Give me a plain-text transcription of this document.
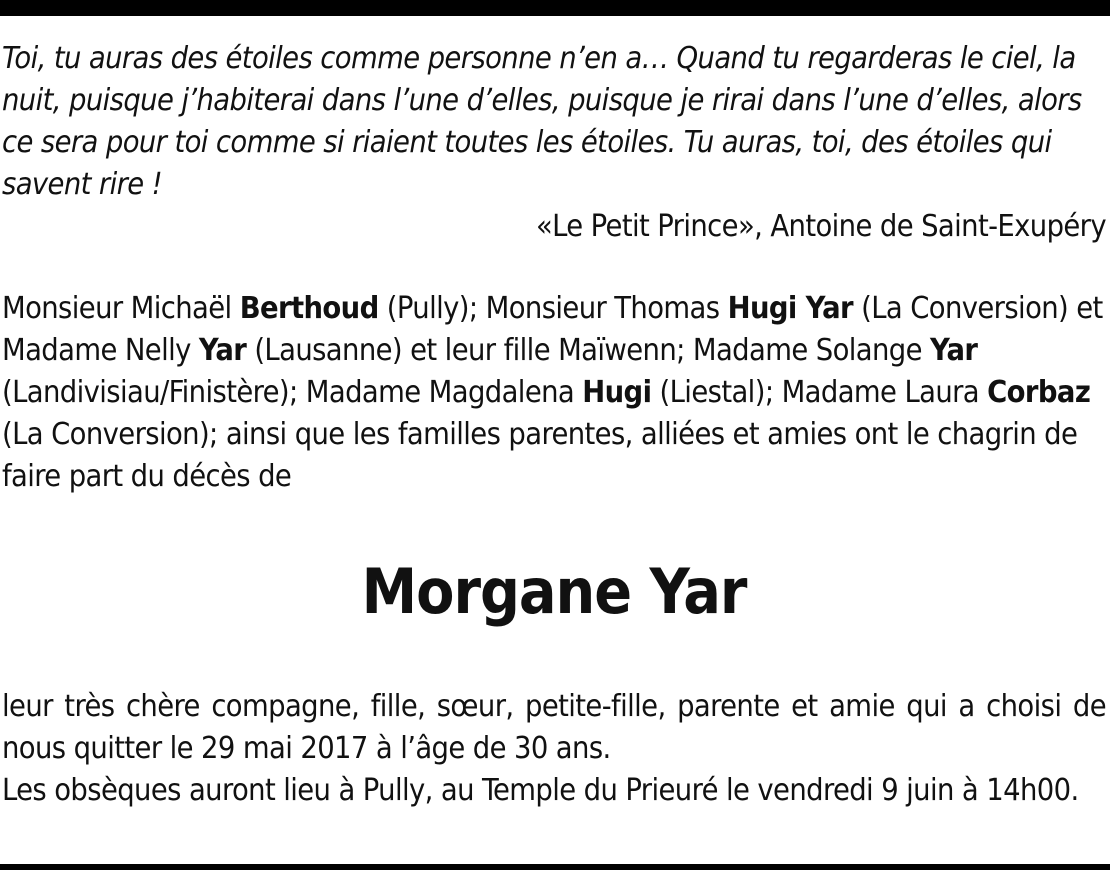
Toi, tu auras des étoiles comme personne n’en a… Quand tu regarderas le ciel, la nuit, puisque j’habiterai dans l’une d’elles, puisque je rirai dans l’une d’elles, alors ce sera pour toi comme si riaient toutes les étoiles. Tu auras, toi, des étoiles qui savent rire !

«Le Petit Prince», Antoine de Saint-Exupéry

Monsieur Michaël Berthoud (Pully); Monsieur Thomas Hugi Yar (La Conversion) et Madame Nelly Yar (Lausanne) et leur fille Maïwenn; Madame Solange Yar (Landivisiau/Finistère); Madame Magdalena Hugi (Liestal); Madame Laura Corbaz (La Conversion); ainsi que les familles parentes, alliées et amies ont le chagrin de faire part du décès de
Morgane Yar

leur très chère compagne, fille, sœur, petite-fille, parente et amie qui a choisi de nous quitter le 29 mai 2017 à l’âge de 30 ans.

Les obsèques auront lieu à Pully, au Temple du Prieuré le vendredi 9 juin à 14h00.
